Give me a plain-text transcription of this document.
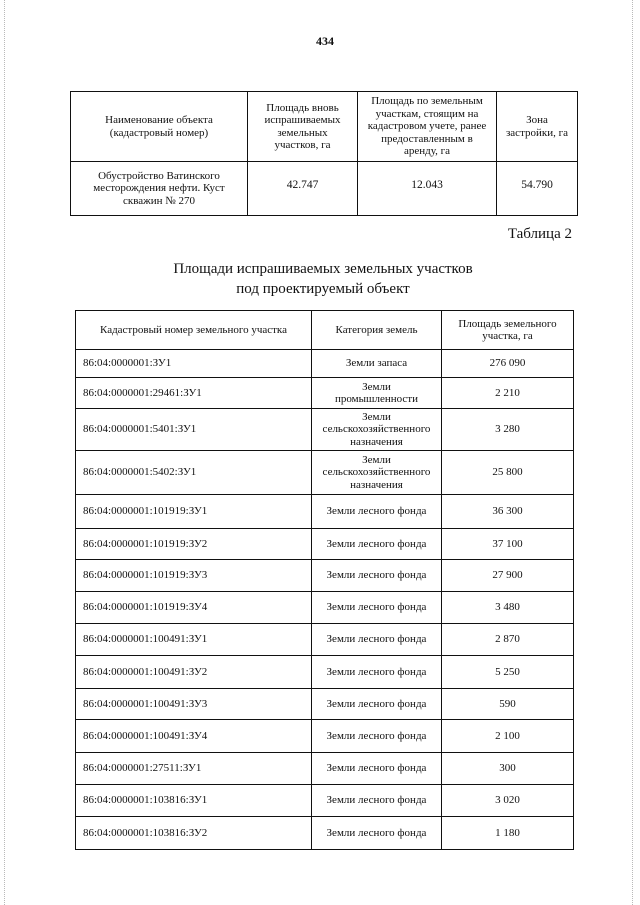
434
Наименование объекта
(кадастровый номер)	Площадь вновь
испрашиваемых
земельных
участков, га	Площадь по земельным
участкам, стоящим на
кадастровом учете, ранее
предоставленным в
аренду, га	Зона
застройки, га
Обустройство Ватинского
месторождения нефти. Куст
скважин № 270	42.747	12.043	54.790
Таблица 2
Площади испрашиваемых земельных участков
под проектируемый объект
Кадастровый номер земельного участка	Категория земель	Площадь земельного
участка, га
86:04:0000001:ЗУ1	Земли запаса	276 090
86:04:0000001:29461:ЗУ1	Земли
промышленности	2 210
86:04:0000001:5401:ЗУ1	Земли
сельскохозяйственного
назначения	3 280
86:04:0000001:5402:ЗУ1	Земли
сельскохозяйственного
назначения	25 800
86:04:0000001:101919:ЗУ1	Земли лесного фонда	36 300
86:04:0000001:101919:ЗУ2	Земли лесного фонда	37 100
86:04:0000001:101919:ЗУ3	Земли лесного фонда	27 900
86:04:0000001:101919:ЗУ4	Земли лесного фонда	3 480
86:04:0000001:100491:ЗУ1	Земли лесного фонда	2 870
86:04:0000001:100491:ЗУ2	Земли лесного фонда	5 250
86:04:0000001:100491:ЗУ3	Земли лесного фонда	590
86:04:0000001:100491:ЗУ4	Земли лесного фонда	2 100
86:04:0000001:27511:ЗУ1	Земли лесного фонда	300
86:04:0000001:103816:ЗУ1	Земли лесного фонда	3 020
86:04:0000001:103816:ЗУ2	Земли лесного фонда	1 180
